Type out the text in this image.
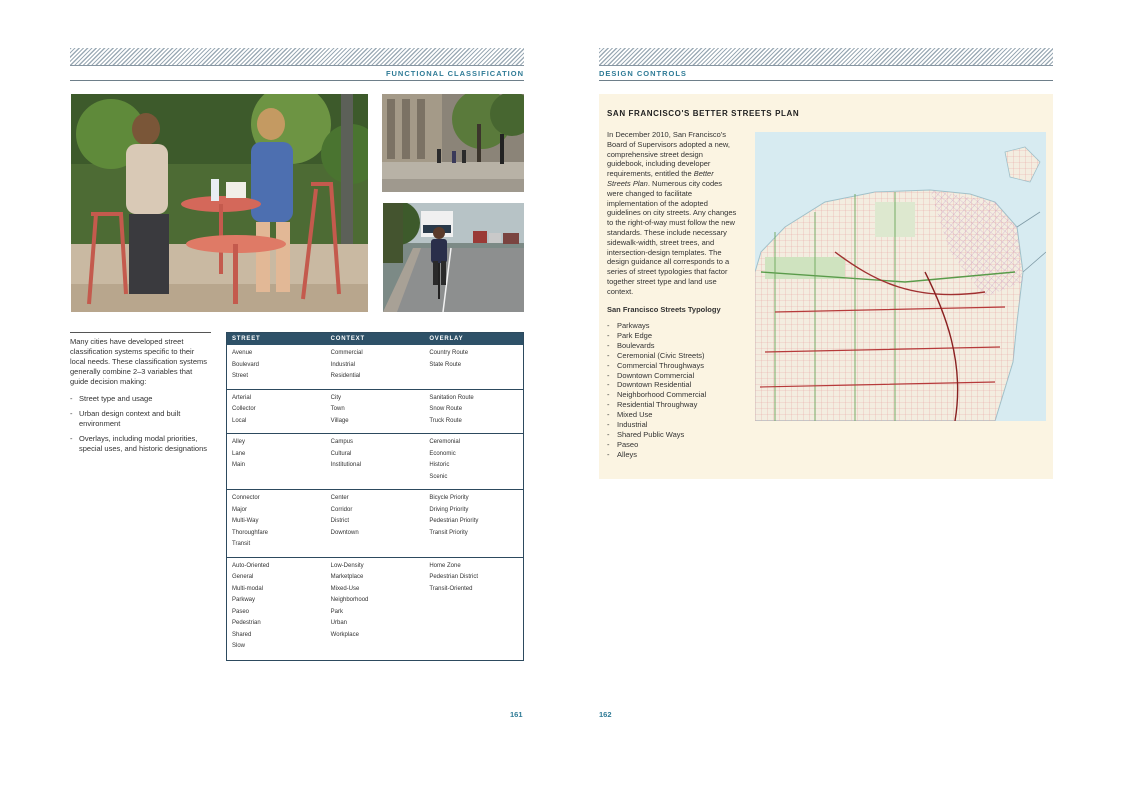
FUNCTIONAL CLASSIFICATION

Many cities have developed street classification systems specific to their local needs. These classification systems generally combine 2–3 variables that guide decision making:

- Street type and usage
- Urban design context and built environment
- Overlays, including modal priorities, special uses, and historic designations
STREET	CONTEXT	OVERLAY
Avenue
Boulevard
Street
Commercial
Industrial
Residential
Country Route
State Route
Arterial
Collector
Local
City
Town
Village
Sanitation Route
Snow Route
Truck Route
Alley
Lane
Main
Campus
Cultural
Institutional
Ceremonial
Economic
Historic
Scenic
Connector
Major
Multi-Way
Thoroughfare
Transit
Center
Corridor
District
Downtown
Bicycle Priority
Driving Priority
Pedestrian Priority
Transit Priority
Auto-Oriented
General
Multi-modal
Parkway
Paseo
Pedestrian
Shared
Slow
Low-Density
Marketplace
Mixed-Use
Neighborhood
Park
Urban
Workplace
Home Zone
Pedestrian District
Transit-Oriented
161
DESIGN CONTROLS
SAN FRANCISCO'S BETTER STREETS PLAN
In December 2010, San Francisco's Board of Supervisors adopted a new, comprehensive street design guidebook, including developer requirements, entitled the Better Streets Plan. Numerous city codes were changed to facilitate implementation of the adopted guidelines on city streets. Any changes to the right-of-way must follow the new standards. These include necessary sidewalk-width, street trees, and intersection-design templates. The design guidance all corresponds to a series of street typologies that factor together street type and land use context.
San Francisco Streets Typology
- Parkways
- Park Edge
- Boulevards
- Ceremonial (Civic Streets)
- Commercial Throughways
- Downtown Commercial
- Downtown Residential
- Neighborhood Commercial
- Residential Throughway
- Mixed Use
- Industrial
- Shared Public Ways
- Paseo
- Alleys
162
